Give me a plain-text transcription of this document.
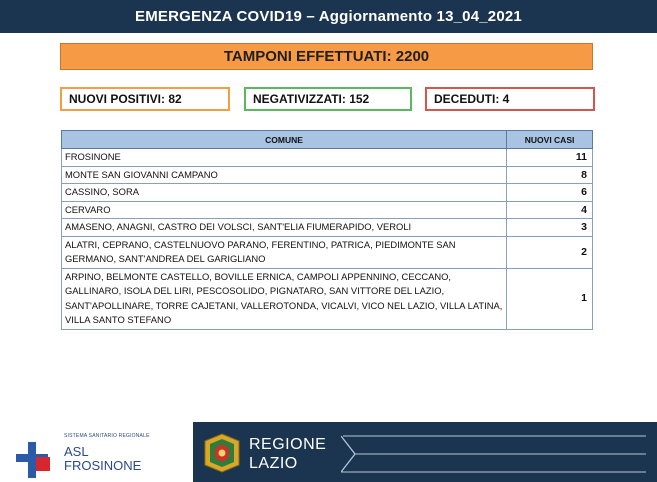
EMERGENZA COVID19 – Aggiornamento 13_04_2021
TAMPONI EFFETTUATI: 2200
NUOVI POSITIVI: 82	NEGATIVIZZATI: 152	DECEDUTI: 4
COMUNE	NUOVI CASI
FROSINONE	11
MONTE SAN GIOVANNI CAMPANO	8
CASSINO, SORA	6
CERVARO	4
AMASENO, ANAGNI, CASTRO DEI VOLSCI, SANT'ELIA FIUMERAPIDO, VEROLI	3
ALATRI, CEPRANO, CASTELNUOVO PARANO, FERENTINO, PATRICA, PIEDIMONTE SAN GERMANO, SANT'ANDREA DEL GARIGLIANO	2
ARPINO, BELMONTE CASTELLO, BOVILLE ERNICA, CAMPOLI APPENNINO, CECCANO, GALLINARO, ISOLA DEL LIRI, PESCOSOLIDO, PIGNATARO, SAN VITTORE DEL LAZIO, SANT'APOLLINARE, TORRE CAJETANI, VALLEROTONDA, VICALVI, VICO NEL LAZIO, VILLA LATINA, VILLA SANTO STEFANO	1
SISTEMA SANITARIO REGIONALE
ASL
FROSINONE
REGIONE
LAZIO
